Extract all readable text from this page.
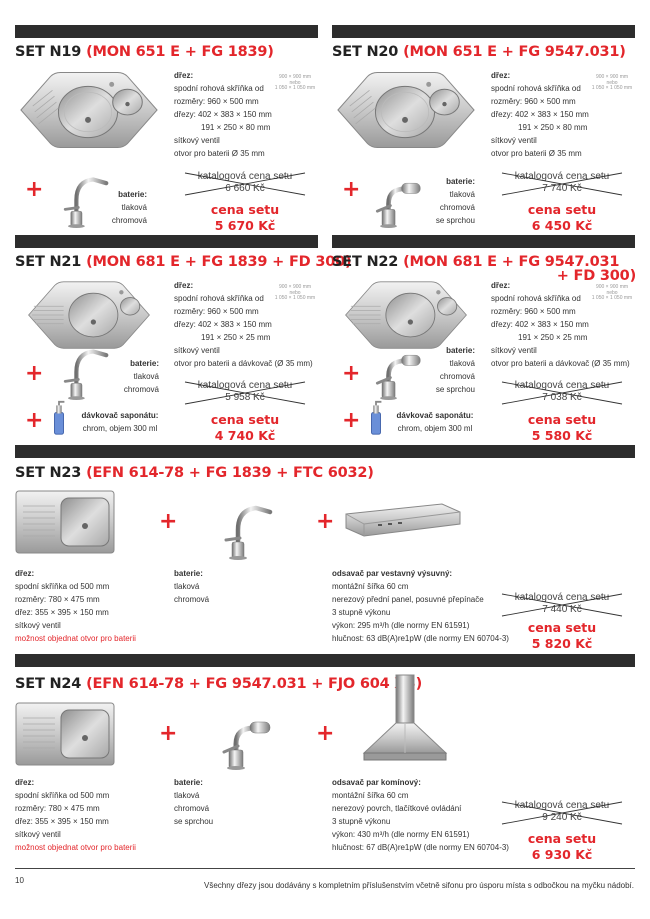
SET N19 (MON 651 E + FG 1839)
dřez:
spodní rohová skříňka od
rozměry: 960 × 500 mm
dřezy: 402 × 383 × 150 mm
191 × 250 × 80 mm
sítkový ventil
otvor pro baterii Ø 35 mm
900 × 900 mm
nebo
1 050 × 1 050 mm
+	baterie:
tlaková
chromová
katalogová cena setu
6 660 Kč
cena setu
5 670 Kč
SET N20 (MON 651 E + FG 9547.031)
dřez:
spodní rohová skříňka od
rozměry: 960 × 500 mm
dřezy: 402 × 383 × 150 mm
191 × 250 × 80 mm
sítkový ventil
otvor pro baterii Ø 35 mm
900 × 900 mm
nebo
1 050 × 1 050 mm
+	baterie:
tlaková
chromová
se sprchou
katalogová cena setu
7 740 Kč
cena setu
6 450 Kč
SET N21 (MON 681 E + FG 1839 + FD 300)
dřez:
spodní rohová skříňka od
rozměry: 960 × 500 mm
dřezy: 402 × 383 × 150 mm
191 × 250 × 25 mm
sítkový ventil
otvor pro baterii a dávkovač (Ø 35 mm)
900 × 900 mm
nebo
1 050 × 1 050 mm
+	baterie:
tlaková
chromová
+	dávkovač saponátu:
chrom, objem 300 ml
katalogová cena setu
5 958 Kč
cena setu
4 740 Kč
SET N22 (MON 681 E + FG 9547.031
+ FD 300)
dřez:
spodní rohová skříňka od
rozměry: 960 × 500 mm
dřezy: 402 × 383 × 150 mm
191 × 250 × 25 mm
sítkový ventil
otvor pro baterii a dávkovač (Ø 35 mm)
900 × 900 mm
nebo
1 050 × 1 050 mm
+
baterie:
tlaková
chromová
se sprchou
+	dávkovač saponátu:
chrom, objem 300 ml
katalogová cena setu
7 038 Kč
cena setu
5 580 Kč
SET N23 (EFN 614-78 + FG 1839 + FTC 6032)
+	+
dřez:
spodní skříňka od 500 mm
rozměry: 780 × 475 mm
dřez: 355 × 395 × 150 mm
sítkový ventil
možnost objednat otvor pro baterii
baterie:
tlaková
chromová
odsavač par vestavný výsuvný:
montážní šířka 60 cm
nerezový přední panel, posuvné přepínače
3 stupně výkonu
výkon: 295 m³/h (dle normy EN 61591)
hlučnost: 63 dB(A)re1pW (dle normy EN 60704-3)
katalogová cena setu
7 440 Kč
cena setu
5 820 Kč
SET N24 (EFN 614-78 + FG 9547.031 + FJO 604 XS)
+	+
dřez:
spodní skříňka od 500 mm
rozměry: 780 × 475 mm
dřez: 355 × 395 × 150 mm
sítkový ventil
možnost objednat otvor pro baterii
baterie:
tlaková
chromová
se sprchou
odsavač par komínový:
montážní šířka 60 cm
nerezový povrch, tlačítkové ovládání
3 stupně výkonu
výkon: 430 m³/h (dle normy EN 61591)
hlučnost: 67 dB(A)re1pW (dle normy EN 60704-3)
katalogová cena setu
9 240 Kč
cena setu
6 930 Kč
10
Všechny dřezy jsou dodávány s kompletním příslušenstvím včetně sifonu pro úsporu místa s odbočkou na myčku nádobí.
